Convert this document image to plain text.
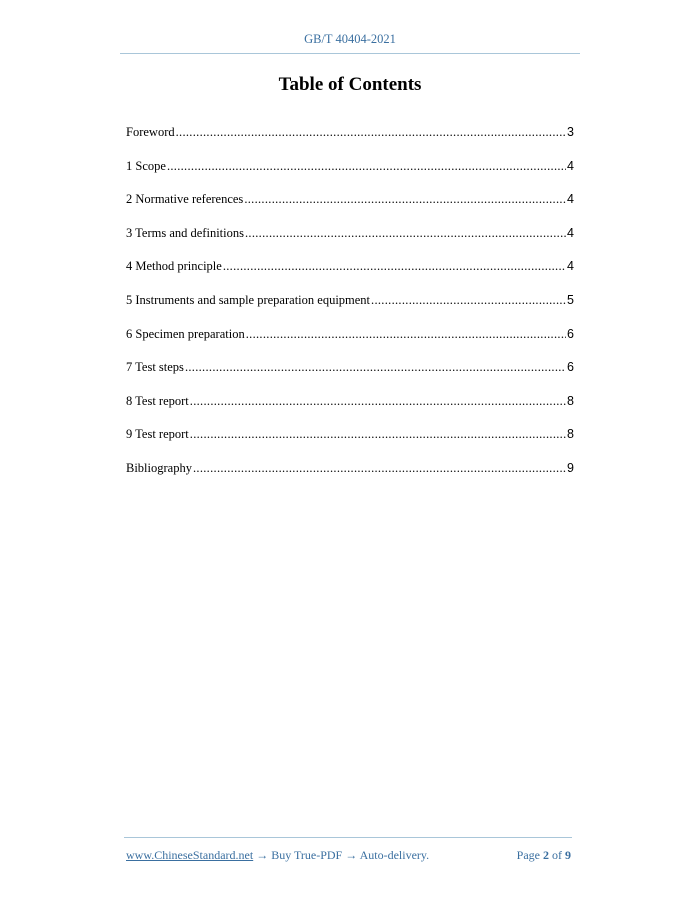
GB/T 40404-2021
Table of Contents
Foreword .....	3
1 Scope .....	4
2 Normative references .....	4
3 Terms and definitions .....	4
4 Method principle .....	4
5 Instruments and sample preparation equipment .....	5
6 Specimen preparation .....	6
7 Test steps .....	6
8 Test report .....	8
9 Test report .....	8
Bibliography .....	9
www.ChineseStandard.net → Buy True-PDF → Auto-delivery.	Page 2 of 9
